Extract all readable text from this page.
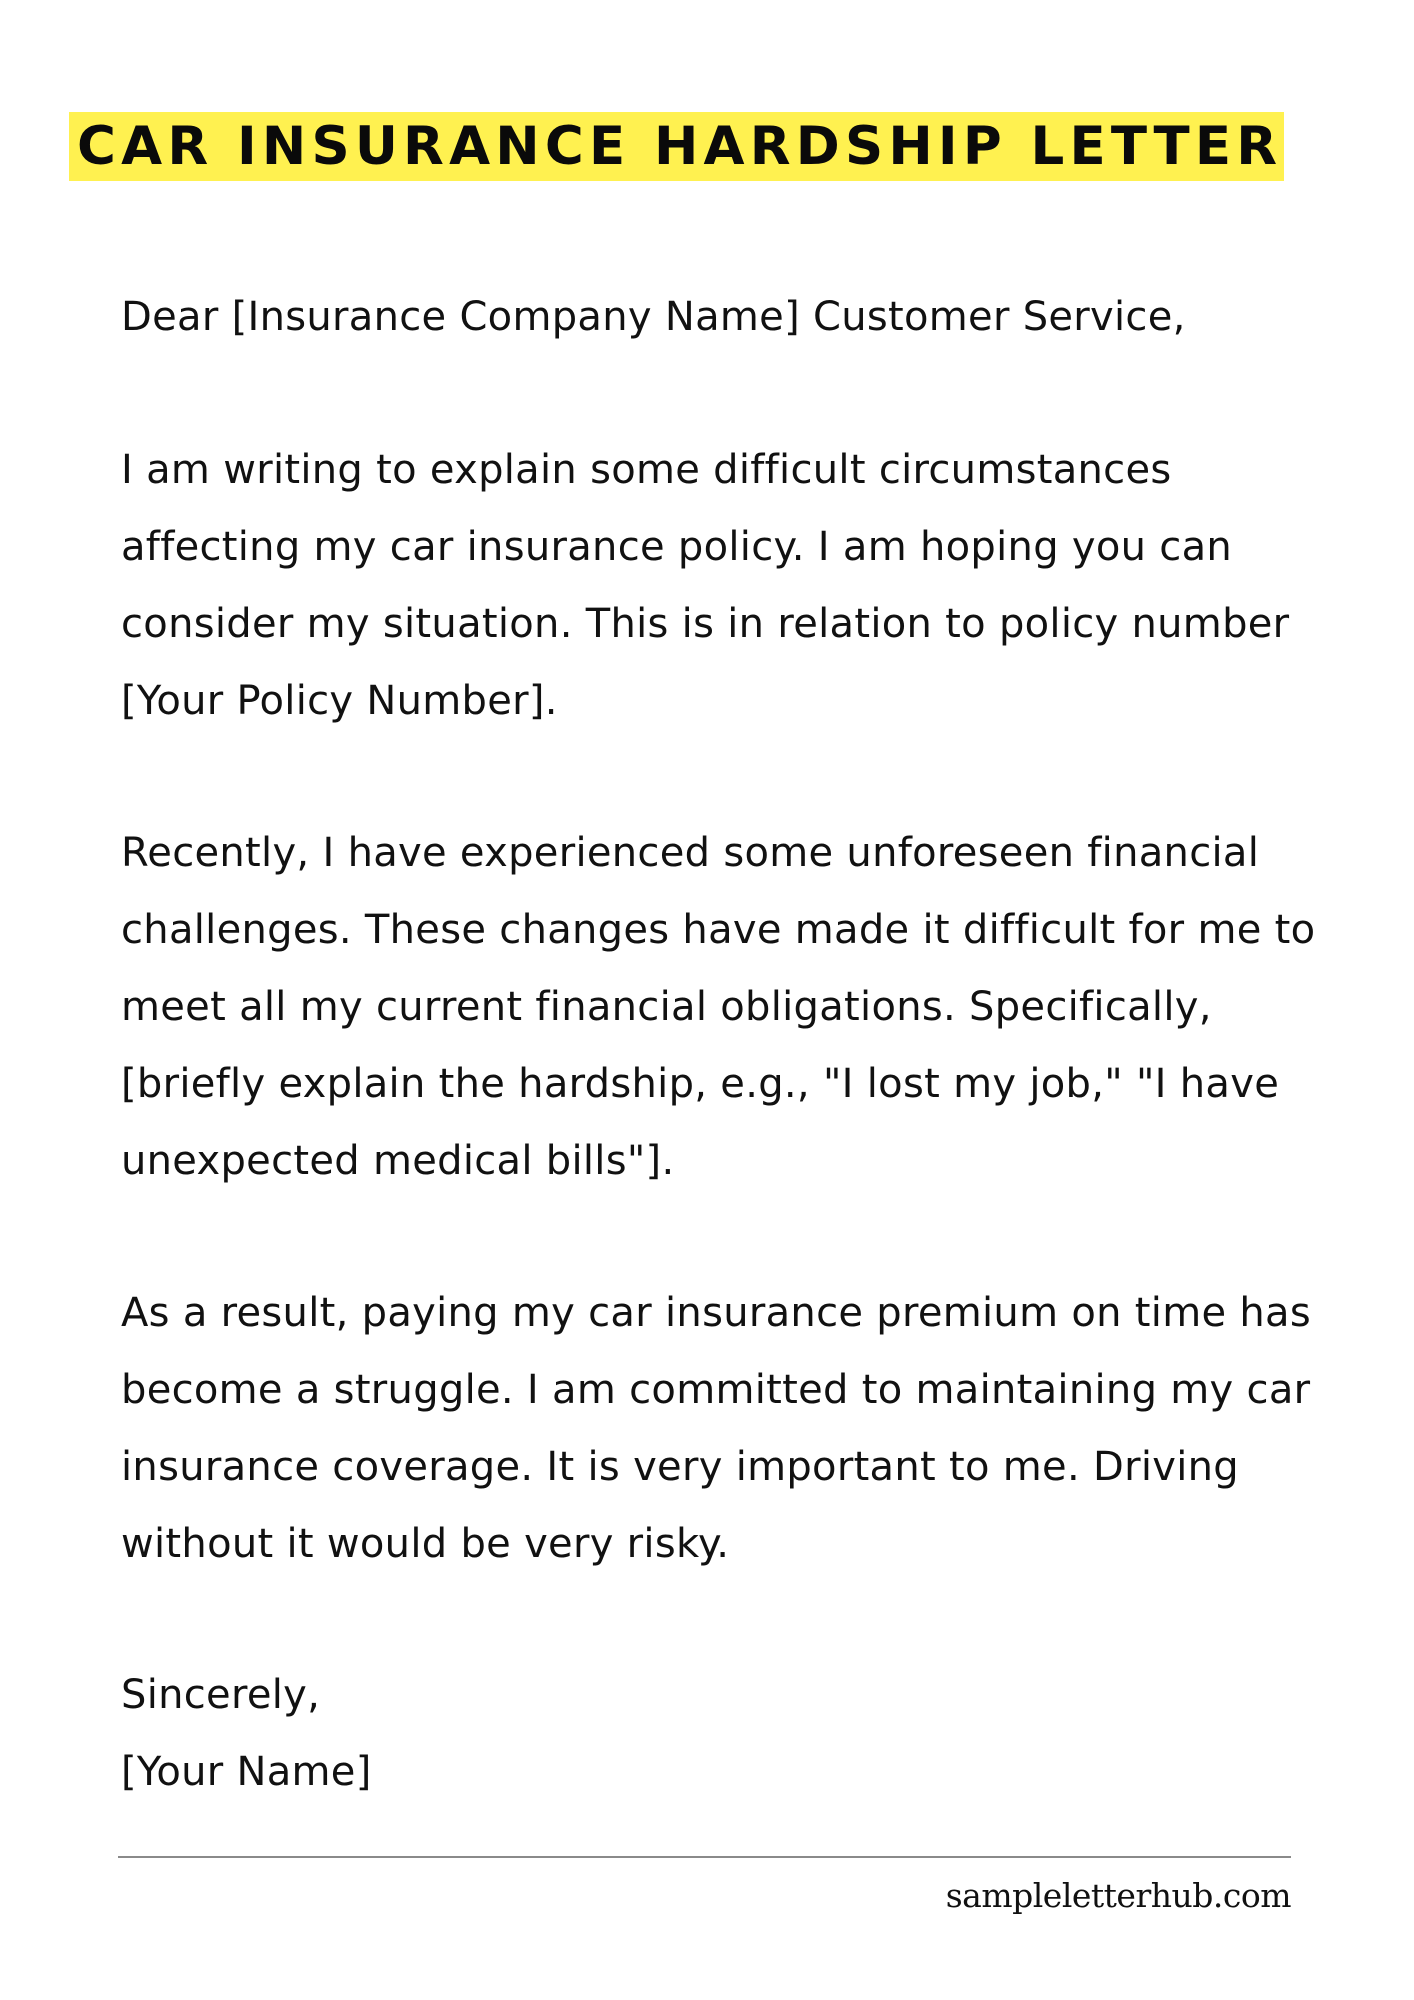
CAR INSURANCE HARDSHIP LETTER
Dear [Insurance Company Name] Customer Service,
I am writing to explain some difficult circumstances
affecting my car insurance policy. I am hoping you can
consider my situation. This is in relation to policy number
[Your Policy Number].
Recently, I have experienced some unforeseen financial
challenges. These changes have made it difficult for me to
meet all my current financial obligations. Specifically,
[briefly explain the hardship, e.g., "I lost my job," "I have
unexpected medical bills"].
As a result, paying my car insurance premium on time has
become a struggle. I am committed to maintaining my car
insurance coverage. It is very important to me. Driving
without it would be very risky.
Sincerely,
[Your Name]
sampleletterhub.com
